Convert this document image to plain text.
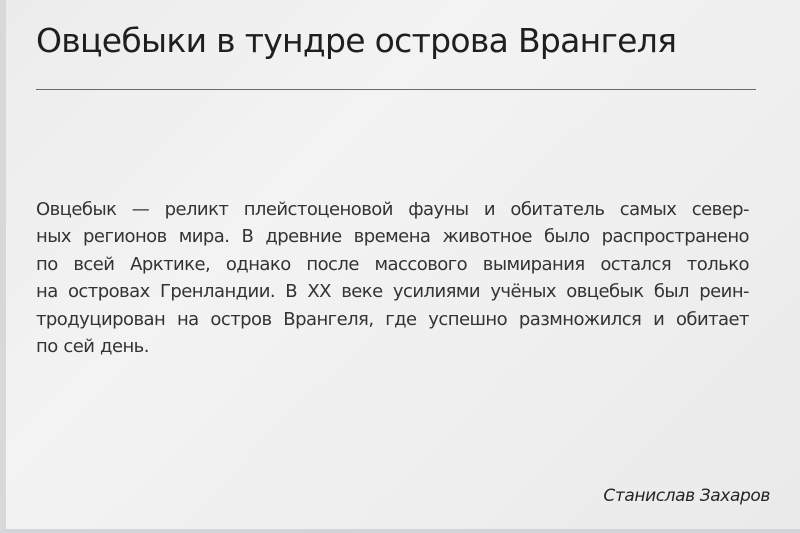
Овцебыки в тундре острова Врангеля

Овцебык — реликт плейстоценовой фауны и обитатель самых север-
ных регионов мира. В древние времена животное было распространено
по всей Арктике, однако после массового вымирания остался только
на островах Гренландии. В XX веке усилиями учёных овцебык был реин-
тродуцирован на остров Врангеля, где успешно размножился и обитает
по сей день.

Станислав Захаров
